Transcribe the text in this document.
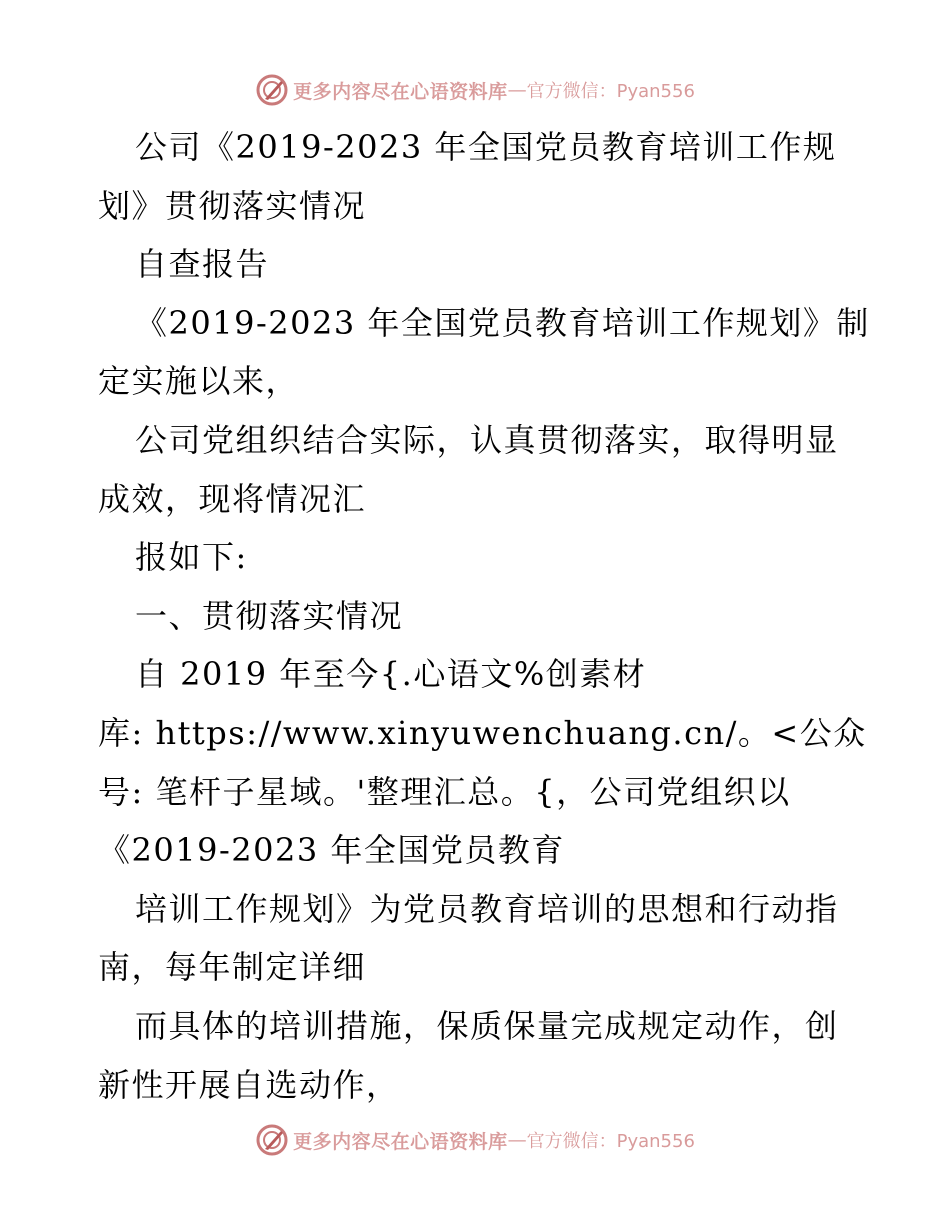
更多内容尽在心语资料库 — 官方微信：Pyan556
公司《2019-2023 年全国党员教育培训工作规
划》贯彻落实情况
自查报告
《2019-2023 年全国党员教育培训工作规划》制
定实施以来，
公司党组织结合实际，认真贯彻落实，取得明显
成效，现将情况汇
报如下:
一、贯彻落实情况
自 2019 年至今{.心语文%创素材
库: https://www.xinyuwenchuang.cn/。<公众
号: 笔杆子星域。'整理汇总。{，公司党组织以
《2019-2023 年全国党员教育
培训工作规划》为党员教育培训的思想和行动指
南，每年制定详细
而具体的培训措施，保质保量完成规定动作，创
新性开展自选动作，
更多内容尽在心语资料库 — 官方微信：Pyan556
